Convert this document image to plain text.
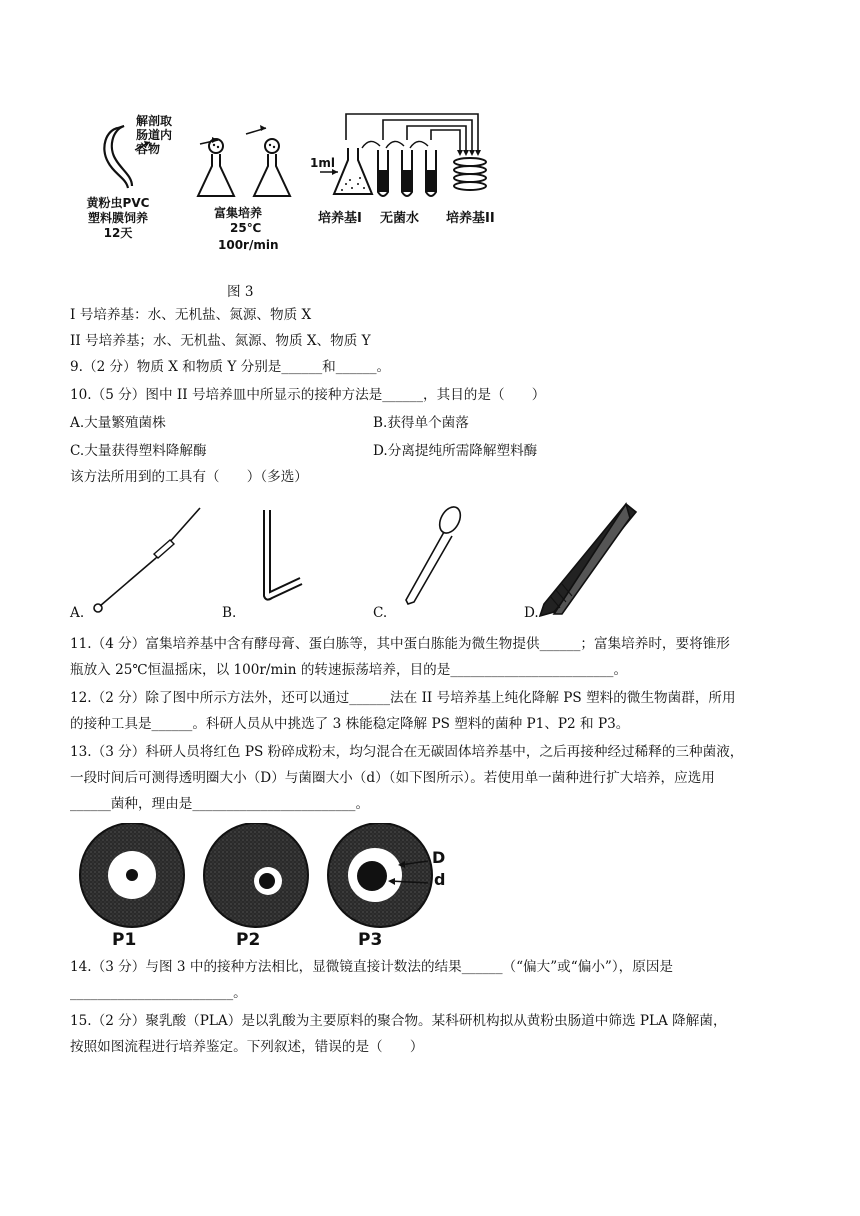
黄粉虫PVC
塑料膜饲养
12天
解剖取
肠道内
容物
富集培养
25℃
100r/min
1ml
培养基I 无菌水 培养基II
图 3
I 号培养基：水、无机盐、氮源、物质 X
II 号培养基；水、无机盐、氮源、物质 X、物质 Y
9.（2 分）物质 X 和物质 Y 分别是______和______。
10.（5 分）图中 II 号培养皿中所显示的接种方法是______，其目的是（　　）
A.大量繁殖菌株	B.获得单个菌落
C.大量获得塑料降解酶	D.分离提纯所需降解塑料酶
该方法所用到的工具有（　　）（多选）
A.	B.	C.	D.
11.（4 分）富集培养基中含有酵母膏、蛋白胨等，其中蛋白胨能为微生物提供______；富集培养时，要将锥形
瓶放入 25℃恒温摇床，以 100r/min 的转速振荡培养，目的是________________________。
12.（2 分）除了图中所示方法外，还可以通过______法在 II 号培养基上纯化降解 PS 塑料的微生物菌群，所用
的接种工具是______。科研人员从中挑选了 3 株能稳定降解 PS 塑料的菌种 P1、P2 和 P3。
13.（3 分）科研人员将红色 PS 粉碎成粉末，均匀混合在无碳固体培养基中，之后再接种经过稀释的三种菌液，
一段时间后可测得透明圈大小（D）与菌圈大小（d）（如下图所示）。若使用单一菌种进行扩大培养，应选用
______菌种，理由是________________________。
D
d
P1	P2	P3
14.（3 分）与图 3 中的接种方法相比，显微镜直接计数法的结果______（“偏大”或“偏小”），原因是
________________________。
15.（2 分）聚乳酸（PLA）是以乳酸为主要原料的聚合物。某科研机构拟从黄粉虫肠道中筛选 PLA 降解菌，
按照如图流程进行培养鉴定。下列叙述，错误的是（　　）
